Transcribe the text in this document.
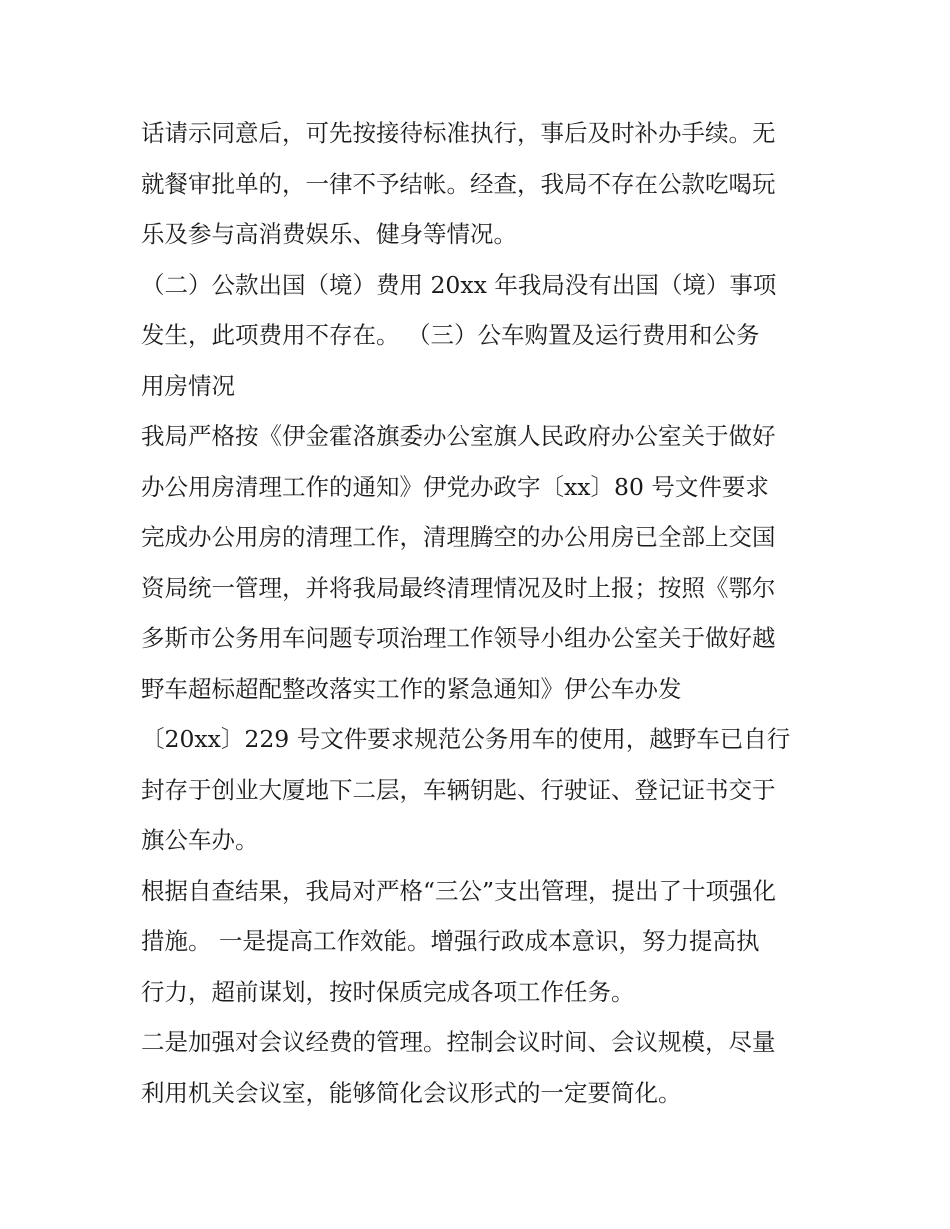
话请示同意后，可先按接待标准执行，事后及时补办手续。无

就餐审批单的，一律不予结帐。经查，我局不存在公款吃喝玩

乐及参与高消费娱乐、健身等情况。

（二）公款出国（境）费用 20xx 年我局没有出国（境）事项

发生，此项费用不存在。 （三）公车购置及运行费用和公务

用房情况

我局严格按《伊金霍洛旗委办公室旗人民政府办公室关于做好

办公用房清理工作的通知》伊党办政字〔xx〕80 号文件要求

完成办公用房的清理工作，清理腾空的办公用房已全部上交国

资局统一管理，并将我局最终清理情况及时上报；按照《鄂尔

多斯市公务用车问题专项治理工作领导小组办公室关于做好越

野车超标超配整改落实工作的紧急通知》伊公车办发

〔20xx〕229 号文件要求规范公务用车的使用，越野车已自行

封存于创业大厦地下二层，车辆钥匙、行驶证、登记证书交于

旗公车办。

根据自查结果，我局对严格“三公”支出管理，提出了十项强化

措施。 一是提高工作效能。增强行政成本意识，努力提高执

行力，超前谋划，按时保质完成各项工作任务。

二是加强对会议经费的管理。控制会议时间、会议规模，尽量

利用机关会议室，能够简化会议形式的一定要简化。
